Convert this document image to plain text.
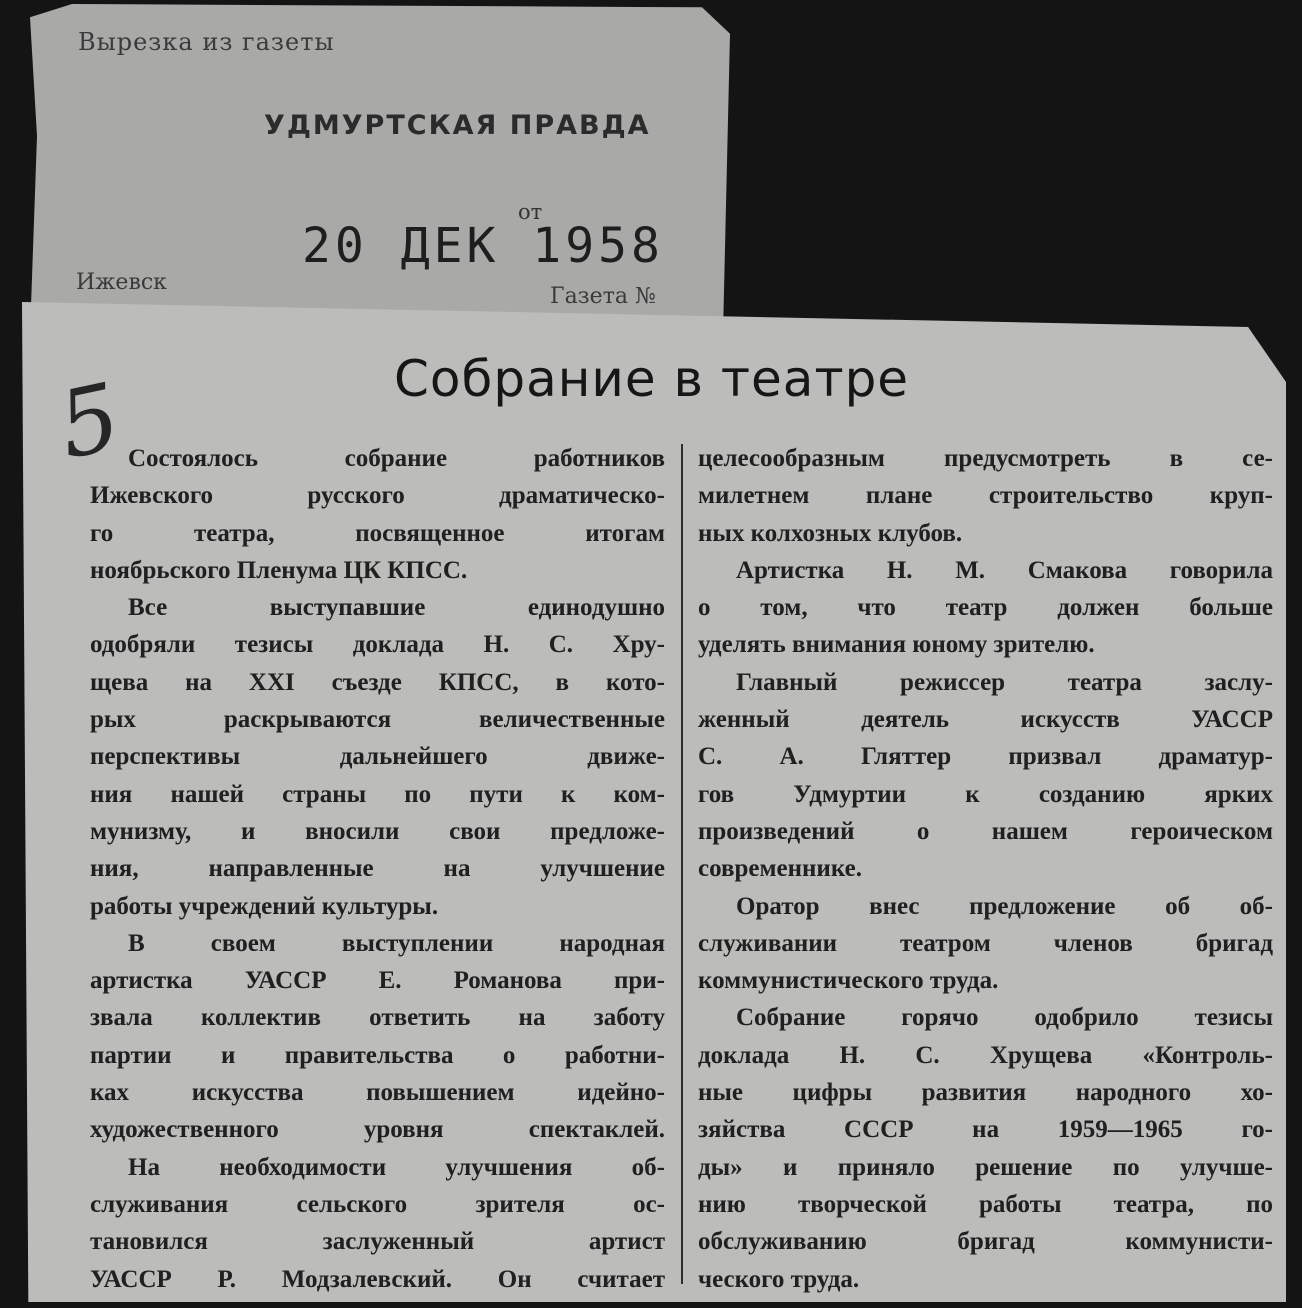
Вырезка из газеты
УДМУРТСКАЯ ПРАВДА
от
20 ДЕК 1958
Ижевск
Газета №
5	Собрание в театре
Состоялось собрание работников
Ижевского русского драматическо-
го театра, посвященное итогам
ноябрьского Пленума ЦК КПСС.
Все выступавшие единодушно
одобряли тезисы доклада Н. С. Хру-
щева на XXI съезде КПСС, в кото-
рых раскрываются величественные
перспективы дальнейшего движе-
ния нашей страны по пути к ком-
мунизму, и вносили свои предложе-
ния, направленные на улучшение
работы учреждений культуры.
В своем выступлении народная
артистка УАССР Е. Романова при-
звала коллектив ответить на заботу
партии и правительства о работни-
ках искусства повышением идейно-
художественного уровня спектаклей.
На необходимости улучшения об-
служивания сельского зрителя ос-
тановился заслуженный артист
УАССР Р. Модзалевский. Он считает
целесообразным предусмотреть в се-
милетнем плане строительство круп-
ных колхозных клубов.
Артистка Н. М. Смакова говорила
о том, что театр должен больше
уделять внимания юному зрителю.
Главный режиссер театра заслу-
женный деятель искусств УАССР
С. А. Гляттер призвал драматур-
гов Удмуртии к созданию ярких
произведений о нашем героическом
современнике.
Оратор внес предложение об об-
служивании театром членов бригад
коммунистического труда.
Собрание горячо одобрило тезисы
доклада Н. С. Хрущева «Контроль-
ные цифры развития народного хо-
зяйства СССР на 1959—1965 го-
ды» и приняло решение по улучше-
нию творческой работы театра, по
обслуживанию бригад коммунисти-
ческого труда.
